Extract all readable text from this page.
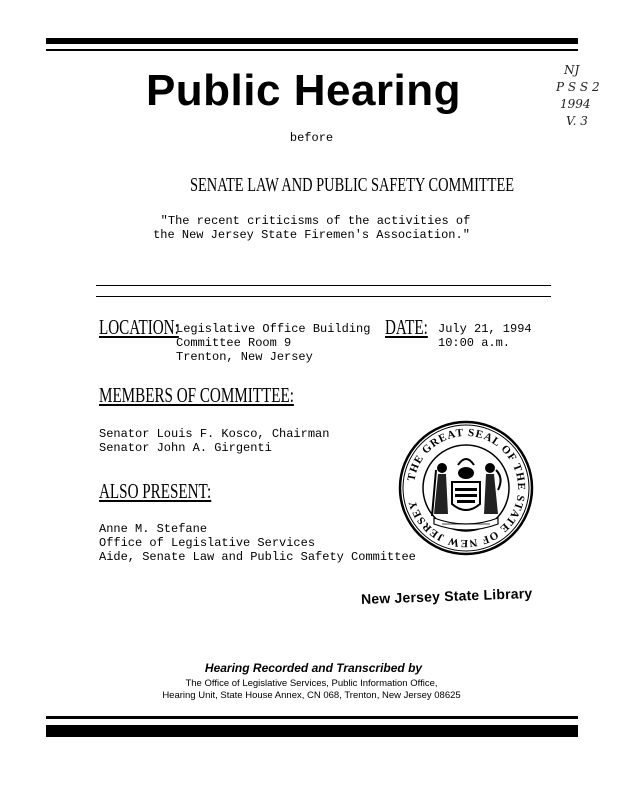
Public Hearing	NJ
P S S 2
1994
V. 3
before
SENATE LAW AND PUBLIC SAFETY COMMITTEE
"The recent criticisms of the activities of
the New Jersey State Firemen's Association."
LOCATION:
Legislative Office Building
Committee Room 9
Trenton, New Jersey
DATE: July 21, 1994
10:00 a.m.
MEMBERS OF COMMITTEE:
Senator Louis F. Kosco, Chairman
Senator John A. Girgenti
ALSO PRESENT:
Anne M. Stefane
Office of Legislative Services
Aide, Senate Law and Public Safety Committee
THE GREAT SEAL OF THE STATE OF NEW JERSEY
New Jersey State Library
Hearing Recorded and Transcribed by
The Office of Legislative Services, Public Information Office,
Hearing Unit, State House Annex, CN 068, Trenton, New Jersey 08625
